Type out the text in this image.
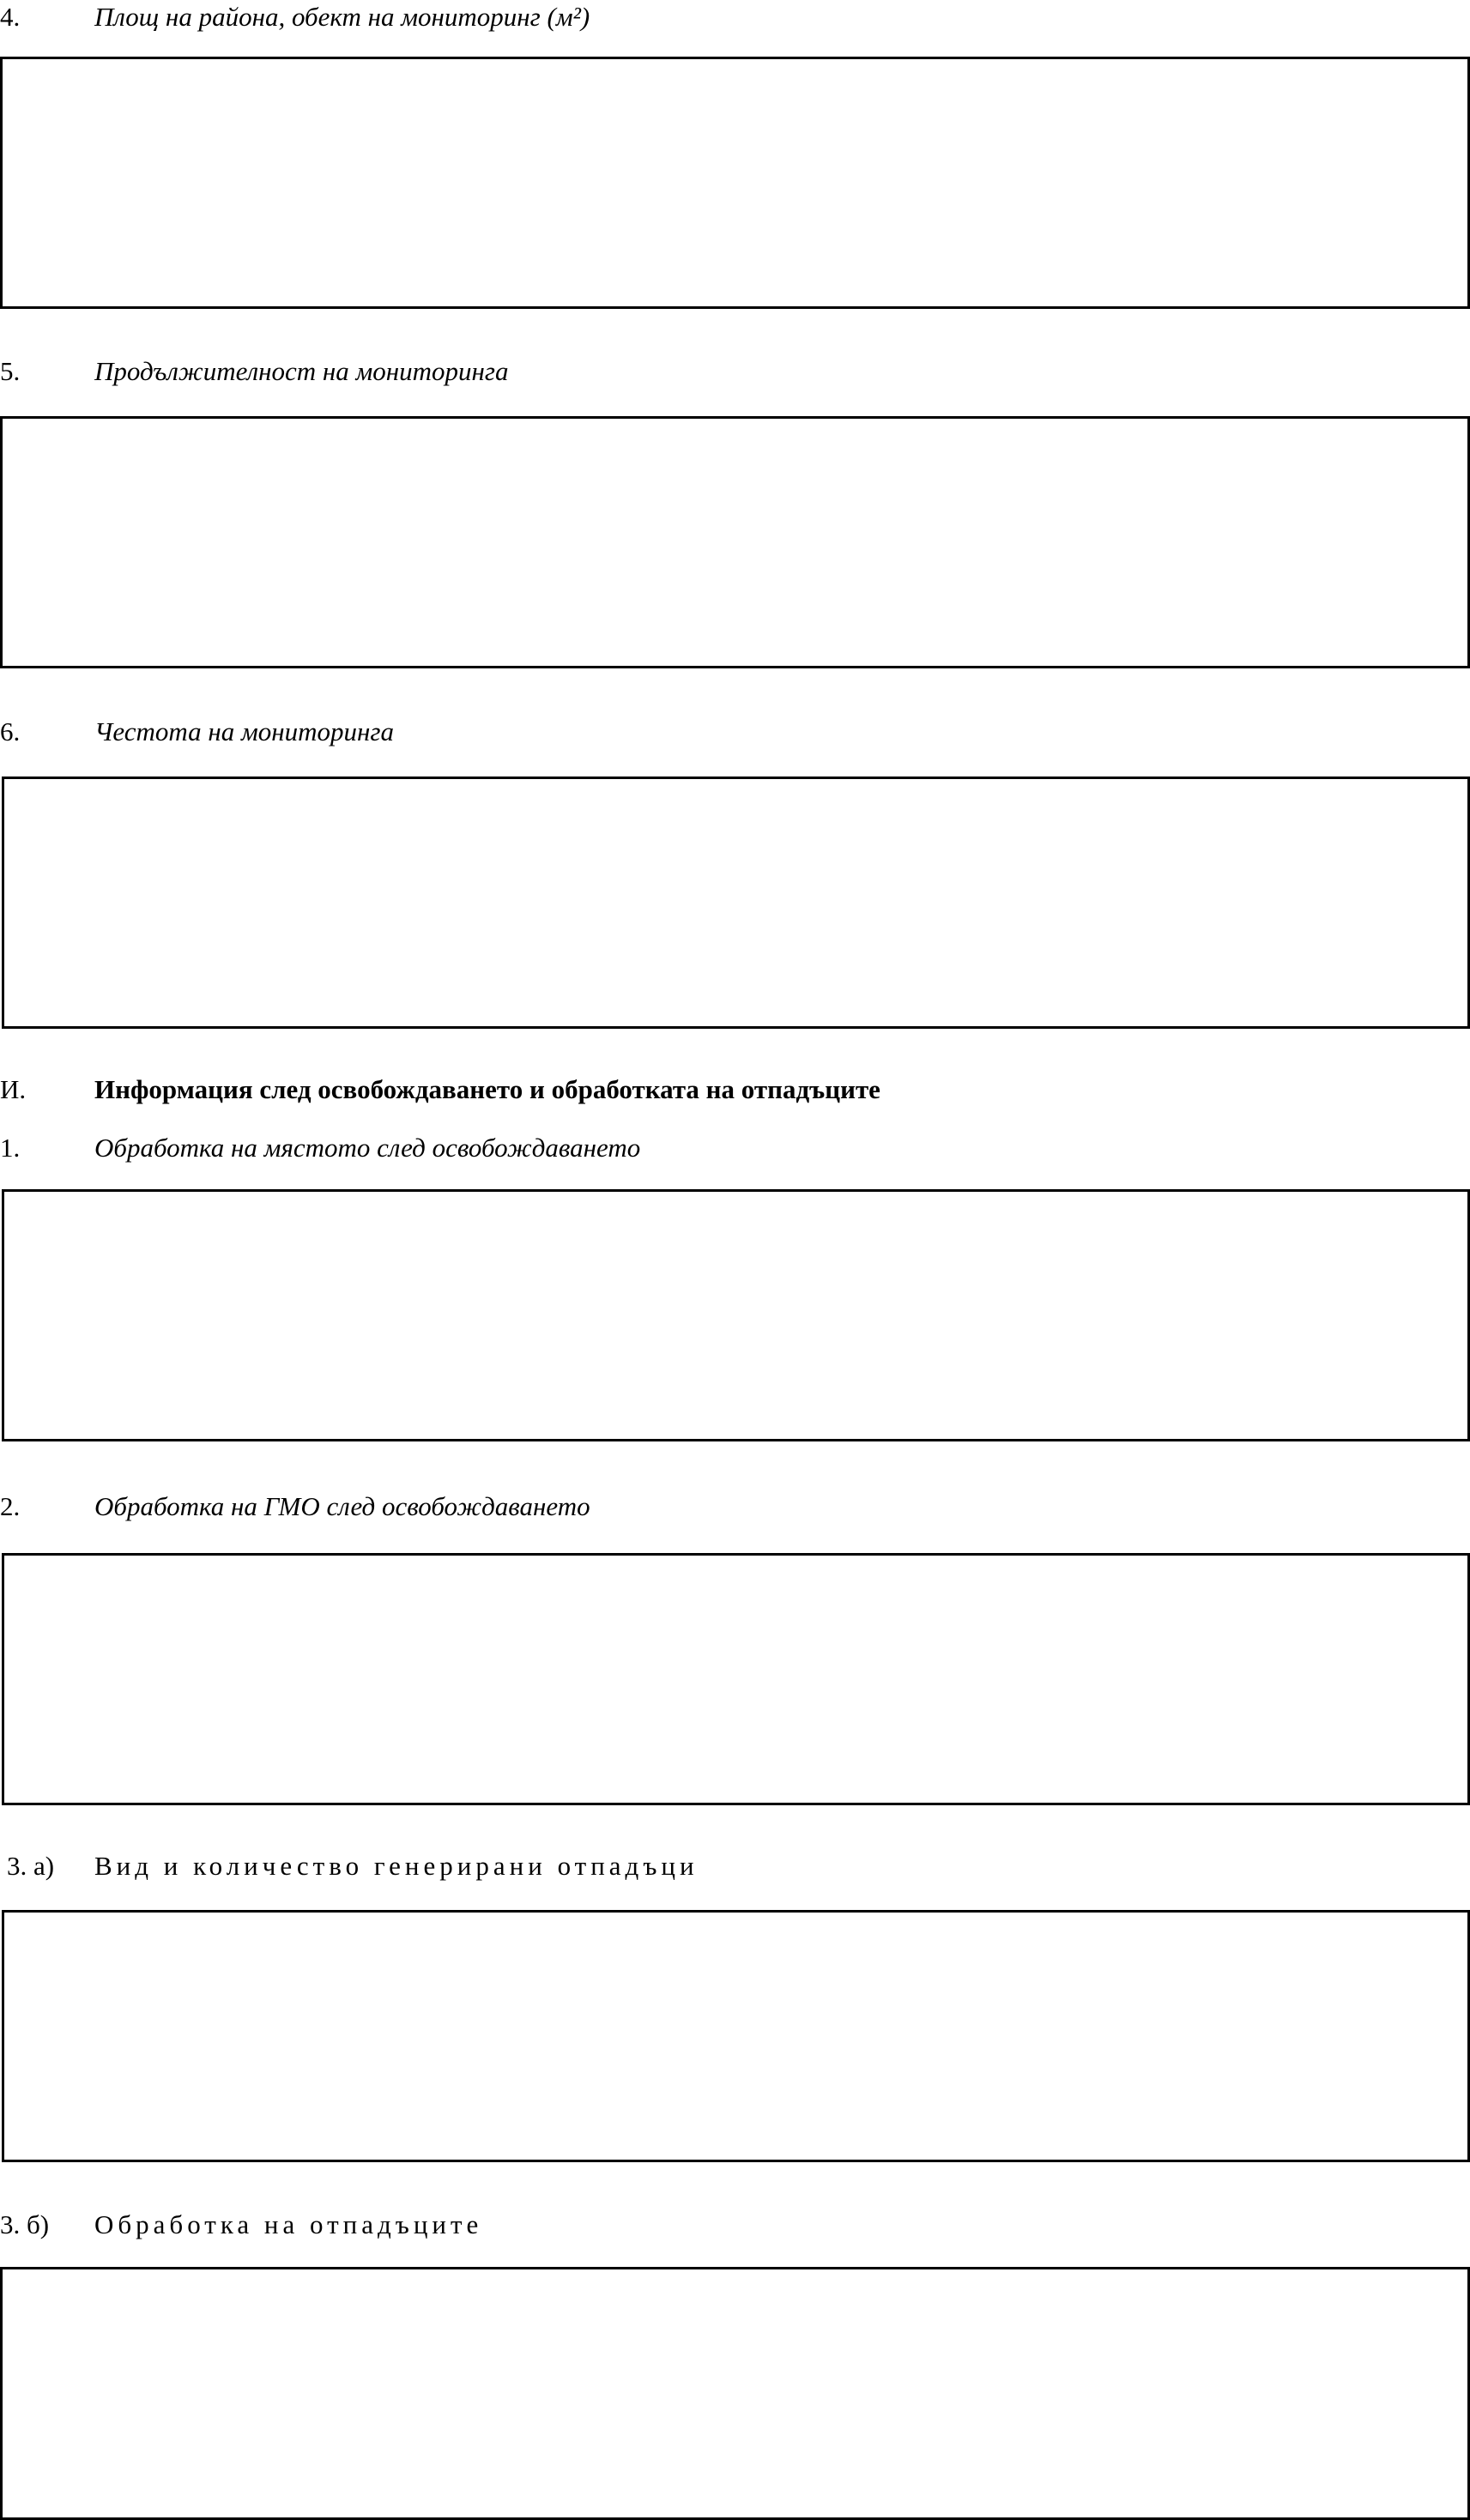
4.	Площ на района, обект на мониторинг (м²)
5.	Продължителност на мониторинга
6.	Честота на мониторинга
И.	Информация след освобождаването и обработката на отпадъците
1.	Обработка на мястото след освобождаването
2.	Обработка на ГМО след освобождаването
3. а) Вид и количество генерирани отпадъци
3. б) Обработка на отпадъците
